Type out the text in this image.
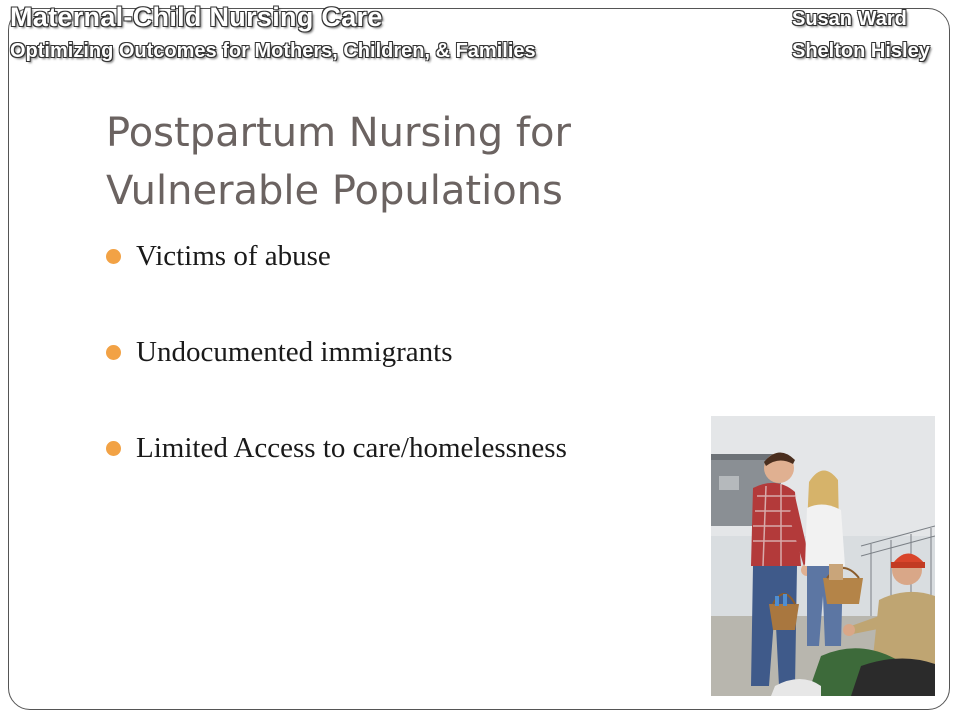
Maternal-Child Nursing Care
Optimizing Outcomes for Mothers, Children, & Families
Susan Ward
Shelton Hisley
Postpartum Nursing for Vulnerable Populations
Victims of abuse
Undocumented immigrants
Limited Access to care/homelessness
